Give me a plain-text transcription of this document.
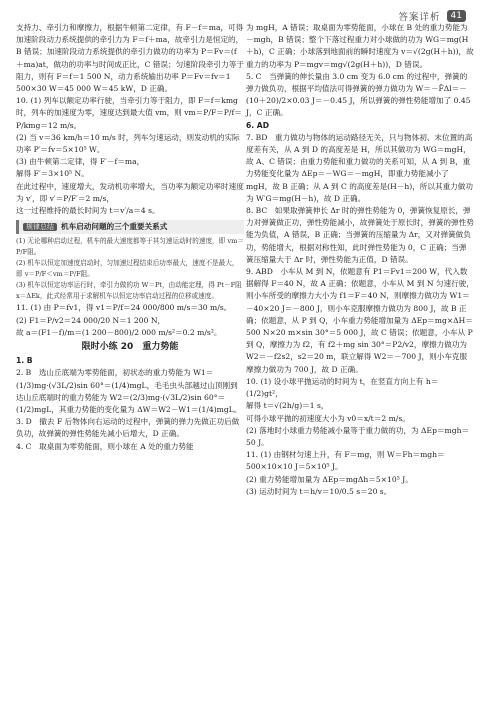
答案详析	41

支持力、牵引力和摩擦力，根据牛顿第二定律，有 F－f＝ma，可得加速阶段动力系统提供的牵引力为 F＝f＋ma，故牵引力是恒定的，B 错误；加速阶段动力系统提供的牵引力做功的功率为 P＝Fv＝(f＋ma)at，做功的功率与时间成正比，C 错误；匀速阶段牵引力等于阻力，则有 F＝f＝1 500 N，动力系统输出功率 P＝Fv＝fv＝1 500×30 W＝45 000 W＝45 kW，D 正确。

10. (1) 列车以额定功率行驶，当牵引力等于阻力，即 F＝f＝kmg 时，列车的加速度为零，速度达到最大值 vm，则 vm＝P/F＝P/f＝P/kmg＝12 m/s。

(2) 当 v＝36 km/h＝10 m/s 时，列车匀速运动，则发动机的实际功率 P′＝fv＝5×10⁵ W。

(3) 由牛顿第二定律，得 F′－f＝ma，

解得 F′＝3×10⁵ N。

在此过程中，速度增大，发动机功率增大，当功率为额定功率时速度为 v′，即 v′＝P/F′＝2 m/s，

这一过程维持的最长时间为 t＝v′/a＝4 s。

规律总结 机车启动问题的三个重要关系式

(1) 无论哪种启动过程，机车的最大速度都等于其匀速运动时的速度，即 vm＝P/F阻。

(2) 机车以恒定加速度启动时，匀加速过程结束后功率最大，速度不是最大，即 v＝P/F＜vm＝P/F阻。

(3) 机车以恒定功率运行时，牵引力做的功 W＝Pt，由动能定理，得 Pt－F阻x＝ΔEk，此式经常用于求解机车以恒定功率启动过程的位移或速度。

11. (1) 由 P＝fv1，得 v1＝P/f＝24 000/800 m/s＝30 m/s。

(2) F1＝P/v2＝24 000/20 N＝1 200 N，

故 a＝(F1－f)/m＝(1 200－800)/2 000 m/s²＝0.2 m/s²。

限时小练 20　重力势能

1. B

2. B　选山丘底端为零势能面，初状态的重力势能为 W1＝(1/3)mg·(√3L/2)sin 60°＝(1/4)mgL，毛毛虫头部越过山顶刚到达山丘底端时的重力势能为 W2＝(2/3)mg·(√3L/2)sin 60°＝(1/2)mgL，其重力势能的变化量为 ΔW＝W2－W1＝(1/4)mgL。

3. D　撤去 F 后物体向右运动的过程中，弹簧的弹力先做正功后做负功，故弹簧的弹性势能先减小后增大，D 正确。

4. C　取桌面为零势能面，则小球在 A 处的重力势能

为 mgH，A 错误；取桌面为零势能面，小球在 B 处的重力势能为－mgh，B 错误；整个下落过程重力对小球做的功为 WG＝mg(H＋h)，C 正确；小球落到地面前的瞬时速度为 v＝√(2g(H＋h))，故重力的功率为 P＝mgv＝mg√(2g(H＋h))，D 错误。

5. C　当弹簧的伸长量由 3.0 cm 变为 6.0 cm 的过程中，弹簧的弹力做负功，根据平均值法可得弹簧的弹力做功为 W＝－F̄Δl＝－(10＋20)/2×0.03 J＝－0.45 J，所以弹簧的弹性势能增加了 0.45 J，C 正确。

6. AD

7. BD　重力做功与物体的运动路径无关，只与物体初、末位置的高度差有关，从 A 到 D 的高度差是 H，所以其做功为 WG＝mgH，故 A、C 错误；由重力势能和重力做功的关系可知，从 A 到 B，重力势能变化量为 ΔEp＝－WG＝－mgH，即重力势能减小了 mgH，故 B 正确；从 A 到 C 的高度差是(H－h)，所以其重力做功为 W′G＝mg(H－h)，故 D 正确。

8. BC　如果取弹簧伸长 Δr 时的弹性势能为 0，弹簧恢复原长，弹力对弹簧做正功，弹性势能减小，故弹簧处于原长时，弹簧的弹性势能为负值，A 错误，B 正确；当弹簧的压缩量为 Δr，又对弹簧做负功，势能增大，根据对称性知，此时弹性势能为 0，C 正确；当弹簧压缩量大于 Δr 时，弹性势能为正值，D 错误。

9. ABD　小车从 M 到 N，依题意有 P1＝Fv1＝200 W，代入数据解得 F＝40 N，故 A 正确；依题意，小车从 M 到 N 匀速行驶，则小车所受的摩擦力大小为 f1＝F＝40 N，则摩擦力做功为 W1＝－40×20 J＝－800 J，则小车克服摩擦力做功为 800 J，故 B 正确；依题意，从 P 到 Q，小车重力势能增加量为 ΔEp＝mg×ΔH＝500 N×20 m×sin 30°＝5 000 J，故 C 错误；依题意，小车从 P 到 Q，摩擦力为 f2，有 f2＋mg sin 30°＝P2/v2，摩擦力做功为 W2＝－f2s2，s2＝20 m，联立解得 W2＝－700 J，则小车克服摩擦力做功为 700 J，故 D 正确。

10. (1) 设小球平抛运动的时间为 t，在竖直方向上有 h＝(1/2)gt²，

解得 t＝√(2h/g)＝1 s，

可得小球平抛的初速度大小为 v0＝x/t＝2 m/s。

(2) 落地时小球重力势能减小量等于重力做的功，为 ΔEp＝mgh＝50 J。

11. (1) 由钢材匀速上升，有 F＝mg，则 W＝Fh＝mgh＝500×10×10 J＝5×10⁵ J。

(2) 重力势能增加量为 ΔEp＝mgΔh＝5×10⁵ J。

(3) 运动时间为 t＝h/v＝10/0.5 s＝20 s。
